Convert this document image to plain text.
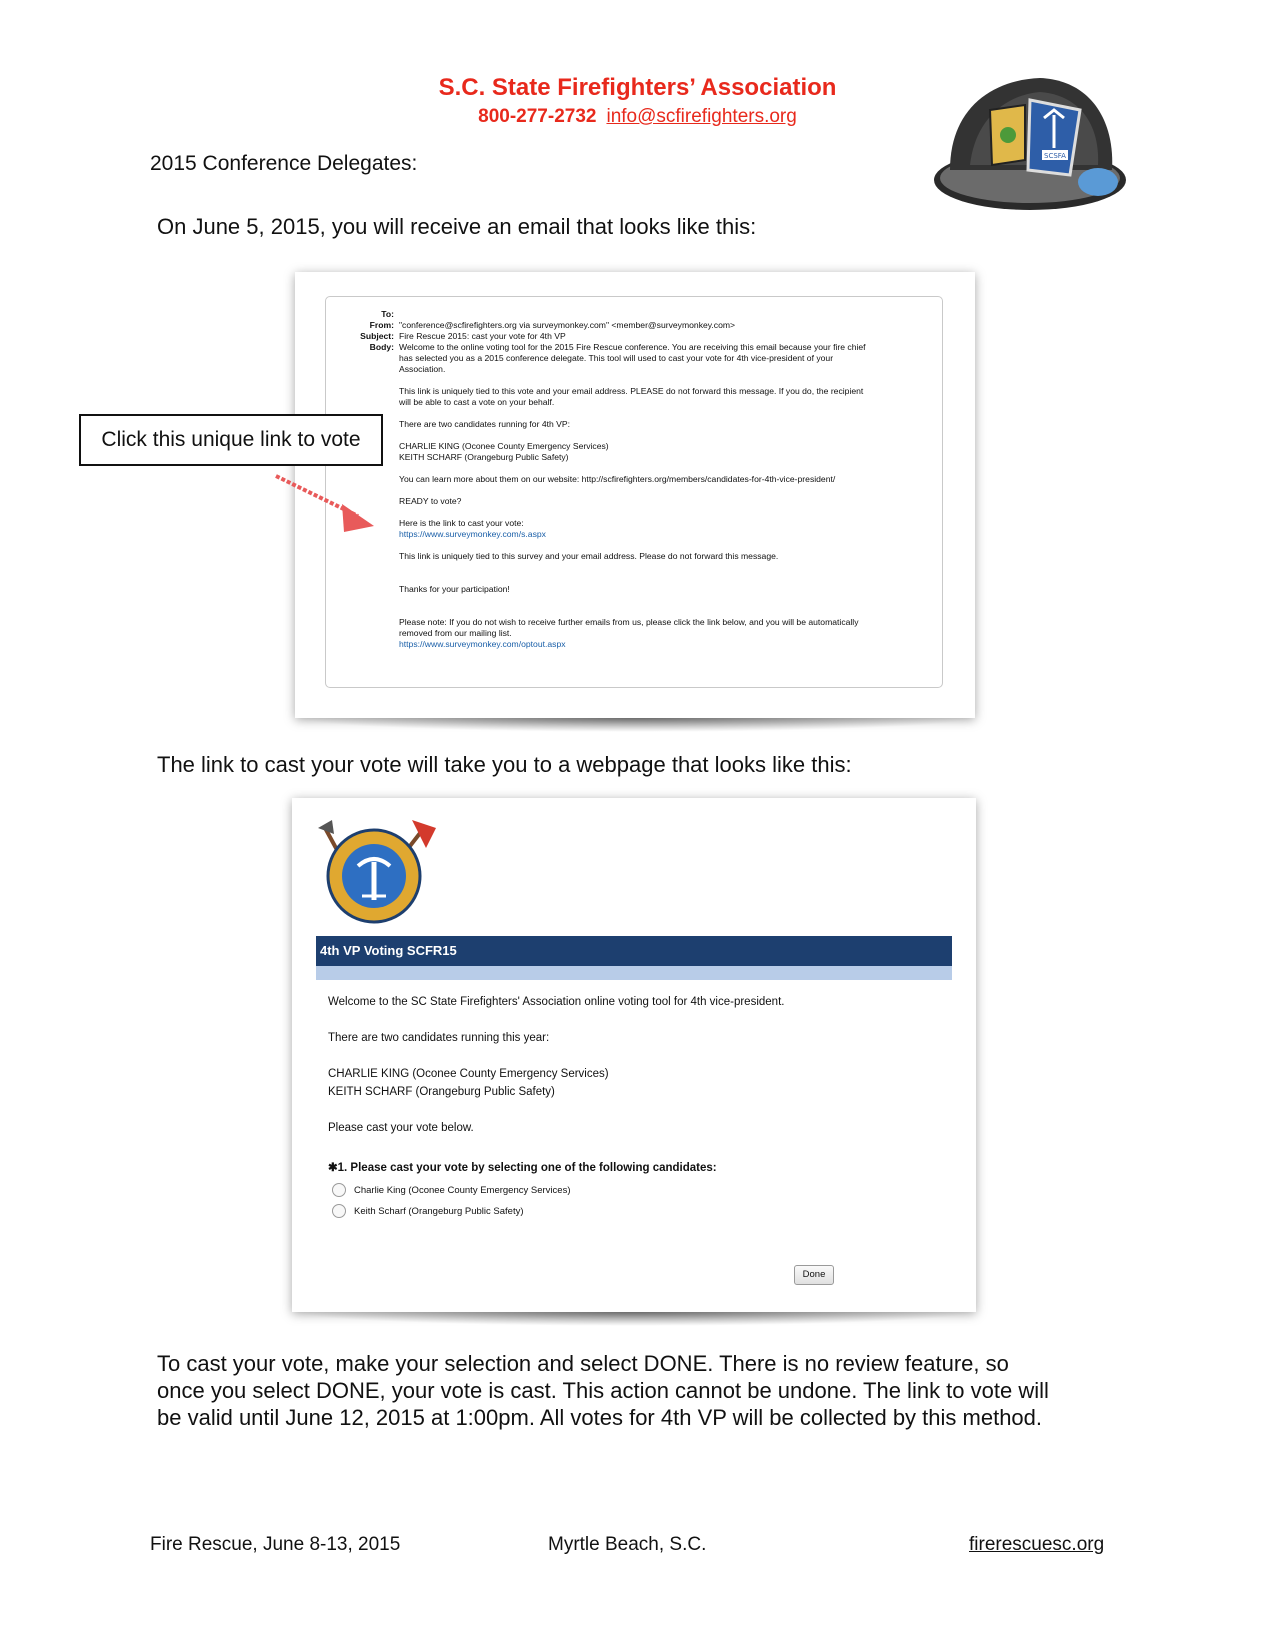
S.C. State Firefighters’ Association
800-277-2732 info@scfirefighters.org
SCSFA
2015 Conference Delegates:
On June 5, 2015, you will receive an email that looks like this:
To:
From: "conference@scfirefighters.org via surveymonkey.com" <member@surveymonkey.com>
Subject: Fire Rescue 2015: cast your vote for 4th VP
Body: Welcome to the online voting tool for the 2015 Fire Rescue conference. You are receiving this email because your fire chief
has selected you as a 2015 conference delegate. This tool will used to cast your vote for 4th vice-president of your
Association.
This link is uniquely tied to this vote and your email address. PLEASE do not forward this message. If you do, the recipient
will be able to cast a vote on your behalf.
There are two candidates running for 4th VP:
CHARLIE KING (Oconee County Emergency Services)
KEITH SCHARF (Orangeburg Public Safety)
You can learn more about them on our website: http://scfirefighters.org/members/candidates-for-4th-vice-president/
READY to vote?
Here is the link to cast your vote:
https://www.surveymonkey.com/s.aspx
This link is uniquely tied to this survey and your email address. Please do not forward this message.
Thanks for your participation!
Please note: If you do not wish to receive further emails from us, please click the link below, and you will be automatically
removed from our mailing list.
https://www.surveymonkey.com/optout.aspx
Click this unique link to vote
The link to cast your vote will take you to a webpage that looks like this:
4th VP Voting SCFR15
Welcome to the SC State Firefighters' Association online voting tool for 4th vice-president.
There are two candidates running this year:
CHARLIE KING (Oconee County Emergency Services)
KEITH SCHARF (Orangeburg Public Safety)
Please cast your vote below.
✱1. Please cast your vote by selecting one of the following candidates:
Charlie King (Oconee County Emergency Services)
Keith Scharf (Orangeburg Public Safety)
Done
To cast your vote, make your selection and select DONE. There is no review feature, so once you select DONE, your vote is cast. This action cannot be undone. The link to vote will be valid until June 12, 2015 at 1:00pm. All votes for 4th VP will be collected by this method.
Fire Rescue, June 8-13, 2015	Myrtle Beach, S.C.	firerescuesc.org
